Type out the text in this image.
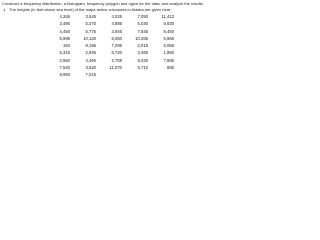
Construct a frequency distribution, a histogram, frequency polygon and ogive for the data, and analyze the results.
1. The heights (in feet above sea level) of the major active volcanoes in Alaska are given here.
4,265	3,545	4,025	7,050	11,413
3,490	5,370	4,885	5,030	6,830
4,450	5,775	3,945	7,545	8,450
5,995	10,140	6,050	10,265	6,965
150	8,185	7,295	2,015	5,055
5,315	2,945	6,720	3,465	1,980
2,560	4,450	2,759	9,430	7,985
7,540	3,540	11,070	5,710	885
8,960	7,015			
